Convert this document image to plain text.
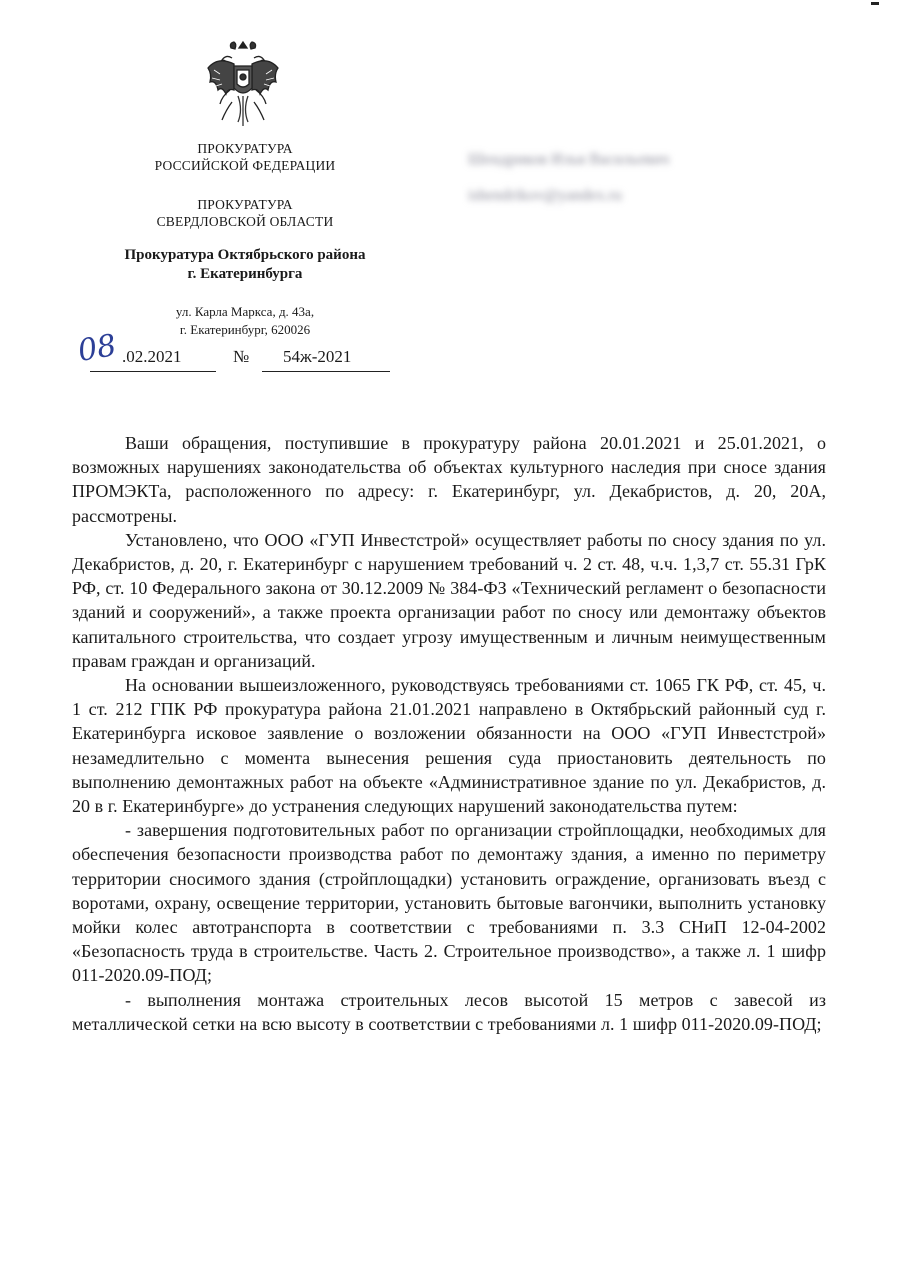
ПРОКУРАТУРА
РОССИЙСКОЙ ФЕДЕРАЦИИ
ПРОКУРАТУРА
СВЕРДЛОВСКОЙ ОБЛАСТИ
Прокуратура Октябрьского района
г. Екатеринбурга
ул. Карла Маркса, д. 43а,
г. Екатеринбург, 620026
08 .02.2021	№ 54ж-2021
Шендриков Илья Васильевич
ishendrikov@yandex.ru

Ваши обращения, поступившие в прокуратуру района 20.01.2021 и 25.01.2021, о возможных нарушениях законодательства об объектах культурного наследия при сносе здания ПРОМЭКТа, расположенного по адресу: г. Екатеринбург, ул. Декабристов, д. 20, 20А, рассмотрены.

Установлено, что ООО «ГУП Инвестстрой» осуществляет работы по сносу здания по ул. Декабристов, д. 20, г. Екатеринбург с нарушением требований ч. 2 ст. 48, ч.ч. 1,3,7 ст. 55.31 ГрК РФ, ст. 10 Федерального закона от 30.12.2009 № 384-ФЗ «Технический регламент о безопасности зданий и сооружений», а также проекта организации работ по сносу или демонтажу объектов капитального строительства, что создает угрозу имущественным и личным неимущественным правам граждан и организаций.

На основании вышеизложенного, руководствуясь требованиями ст. 1065 ГК РФ, ст. 45, ч. 1 ст. 212 ГПК РФ прокуратура района 21.01.2021 направлено в Октябрьский районный суд г. Екатеринбурга исковое заявление о возложении обязанности на ООО «ГУП Инвестстрой» незамедлительно с момента вынесения решения суда приостановить деятельность по выполнению демонтажных работ на объекте «Административное здание по ул. Декабристов, д. 20 в г. Екатеринбурге» до устранения следующих нарушений законодательства путем:

- завершения подготовительных работ по организации стройплощадки, необходимых для обеспечения безопасности производства работ по демонтажу здания, а именно по периметру территории сносимого здания (стройплощадки) установить ограждение, организовать въезд с воротами, охрану, освещение территории, установить бытовые вагончики, выполнить установку мойки колес автотранспорта в соответствии с требованиями п. 3.3 СНиП 12-04-2002 «Безопасность труда в строительстве. Часть 2. Строительное производство», а также л. 1 шифр 011-2020.09-ПОД;

- выполнения монтажа строительных лесов высотой 15 метров с завесой из металлической сетки на всю высоту в соответствии с требованиями л. 1 шифр 011-2020.09-ПОД;
